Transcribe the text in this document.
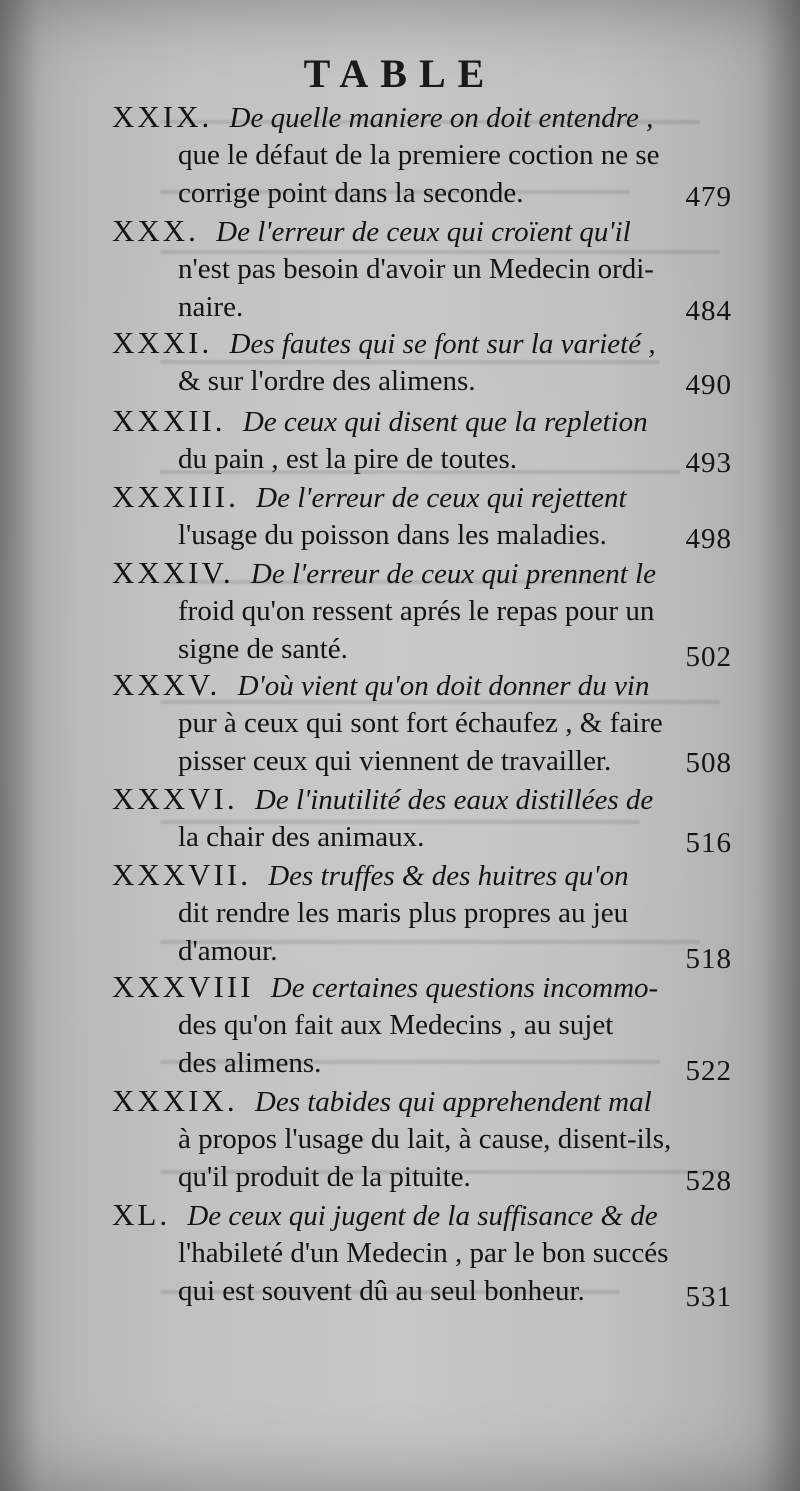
TABLE
XXIX. De quelle maniere on doit entendre ,
que le défaut de la premiere coction ne se
corrige point dans la seconde.	479
XXX. De l'erreur de ceux qui croïent qu'il
n'est pas besoin d'avoir un Medecin ordi-
naire.	484
XXXI. Des fautes qui se font sur la varieté ,
& sur l'ordre des alimens.	490
XXXII. De ceux qui disent que la repletion
du pain , est la pire de toutes.	493
XXXIII. De l'erreur de ceux qui rejettent
l'usage du poisson dans les maladies.	498
XXXIV. De l'erreur de ceux qui prennent le
froid qu'on ressent aprés le repas pour un
signe de santé.	502
XXXV. D'où vient qu'on doit donner du vin
pur à ceux qui sont fort échaufez , & faire
pisser ceux qui viennent de travailler.	508
XXXVI. De l'inutilité des eaux distillées de
la chair des animaux.	516
XXXVII. Des truffes & des huitres qu'on
dit rendre les maris plus propres au jeu
d'amour.	518
XXXVIII De certaines questions incommo-
des qu'on fait aux Medecins , au sujet
des alimens.	522
XXXIX. Des tabides qui apprehendent mal
à propos l'usage du lait, à cause, disent-ils,
qu'il produit de la pituite.	528
XL. De ceux qui jugent de la suffisance & de
l'habileté d'un Medecin , par le bon succés
qui est souvent dû au seul bonheur.	531
